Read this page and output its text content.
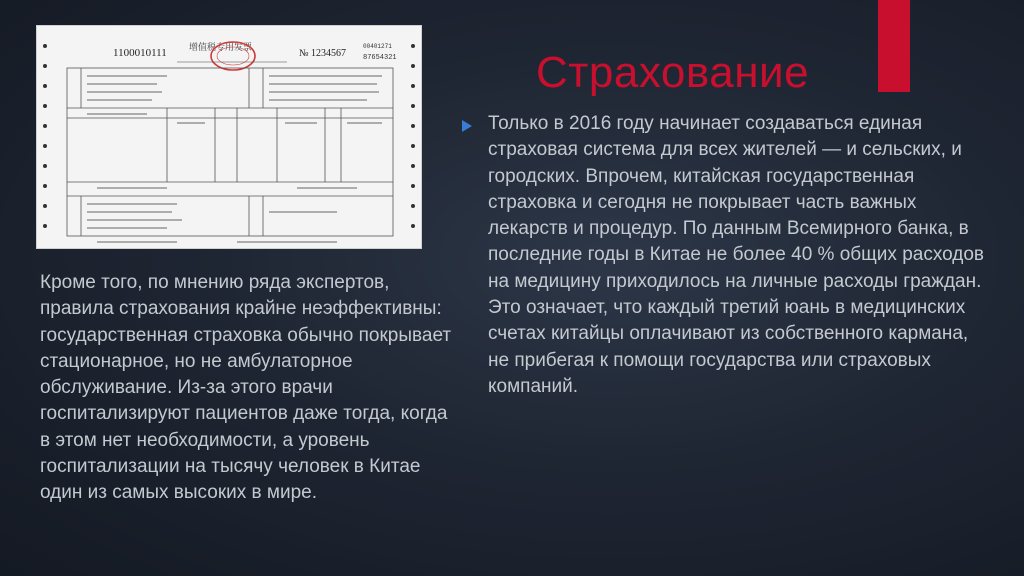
1100010111 增值税专用发票	№ 1234567
00401271
87654321	Страхование

Только в 2016 году начинает создаваться единая страховая система для всех жителей — и сельских, и городских. Впрочем, китайская государственная страховка и сегодня не покрывает часть важных лекарств и процедур. По данным Всемирного банка, в последние годы в Китае не более 40 % общих расходов на медицину приходилось на личные расходы граждан. Это означает, что каждый третий юань в медицинских счетах китайцы оплачивают из собственного кармана, не прибегая к помощи государства или страховых компаний.

Кроме того, по мнению ряда экспертов, правила страхования крайне неэффективны: государственная страховка обычно покрывает стационарное, но не амбулаторное обслуживание. Из-за этого врачи госпитализируют пациентов даже тогда, когда в этом нет необходимости, а уровень госпитализации на тысячу человек в Китае один из самых высоких в мире.
